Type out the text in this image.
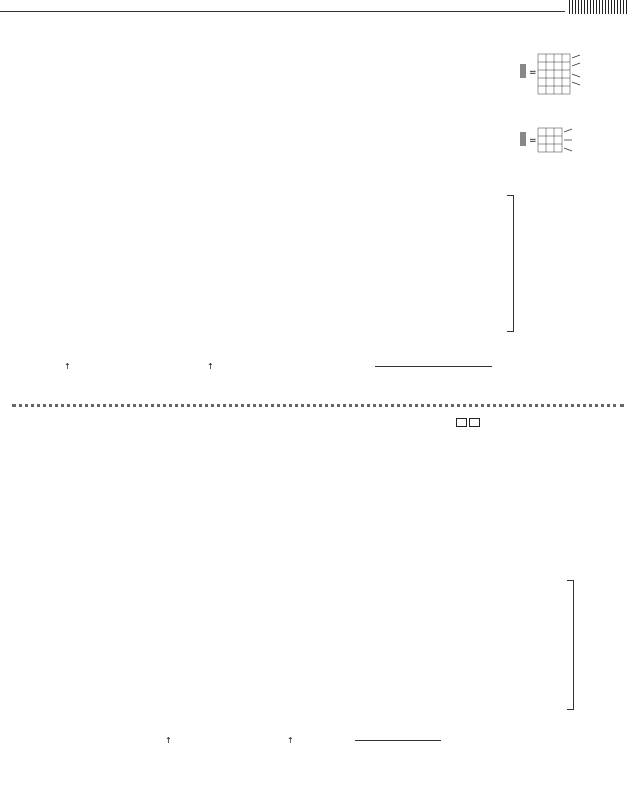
=
=
↑	↑
↑	↑
